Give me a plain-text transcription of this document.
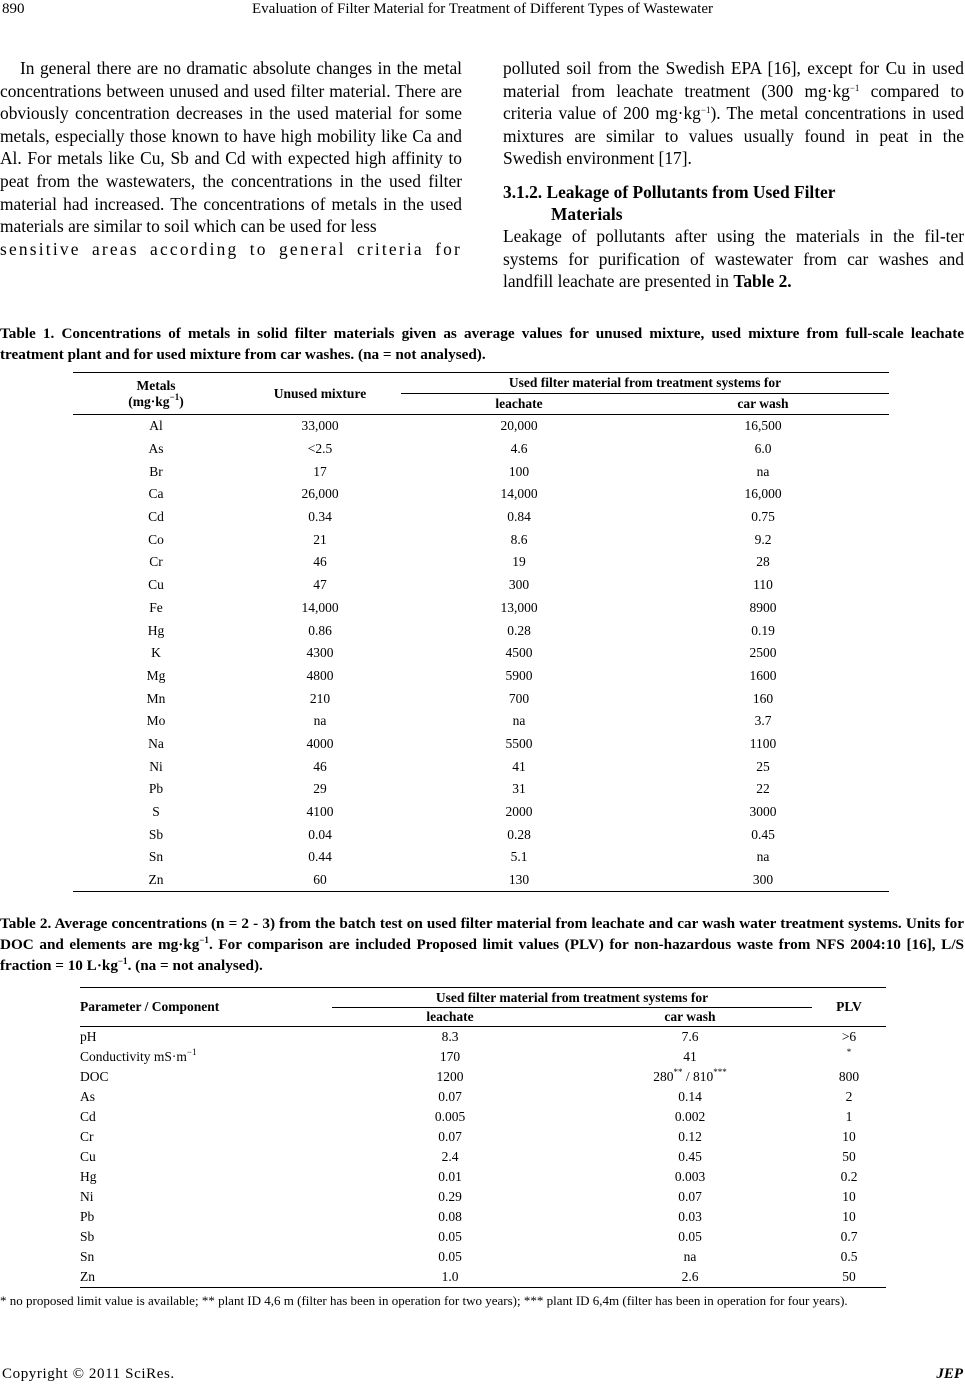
890	Evaluation of Filter Material for Treatment of Different Types of Wastewater

In general there are no dramatic absolute changes in the metal concentrations between unused and used filter material. There are obviously concentration decreases in the used material for some metals, especially those known to have high mobility like Ca and Al. For metals like Cu, Sb and Cd with expected high affinity to peat from the wastewaters, the concentrations in the used filter material had increased. The concentrations of metals in the used materials are similar to soil which can be used for less

sensitive areas according to general criteria for

polluted soil from the Swedish EPA [16], except for Cu in used material from leachate treatment (300 $mg\cdot kg^{-1}$ compared to criteria value of 200 $mg\cdot kg^{-1}$). The metal concentrations in used mixtures are similar to values usually found in peat in the Swedish environment [17].

3.1.2. Leakage of Pollutants from Used Filter
Materials

Leakage of pollutants after using the materials in the fil-ter systems for purification of wastewater from car washes and landfill leachate are presented in Table 2.

Table 1. Concentrations of metals in solid filter materials given as average values for unused mixture, used mixture from full-scale leachate treatment plant and for used mixture from car washes. (na = not analysed).
Metals
$(mg\cdot kg^{-1})$	Unused mixture	Used filter material from treatment systems for	
		leachate	car wash
Al	33,000	20,000	16,500
As	<2.5	4.6	6.0
Br	17	100	na
Ca	26,000	14,000	16,000
Cd	0.34	0.84	0.75
Co	21	8.6	9.2
Cr	46	19	28
Cu	47	300	110
Fe	14,000	13,000	8900
Hg	0.86	0.28	0.19
K	4300	4500	2500
Mg	4800	5900	1600
Mn	210	700	160
Mo	na	na	3.7
Na	4000	5500	1100
Ni	46	41	25
Pb	29	31	22
S	4100	2000	3000
Sb	0.04	0.28	0.45
Sn	0.44	5.1	na
Zn	60	130	300
Table 2. Average concentrations (n = 2 - 3) from the batch test on used filter material from leachate and car wash water treatment systems. Units for DOC and elements are $mg\cdot kg^{-1}$. For comparison are included Proposed limit values (PLV) for non-hazardous waste from NFS 2004:10 [16], L/S fraction = 10 $L\cdot kg^{-1}$. (na = not analysed).
Parameter / Component	Used filter material from treatment systems for		PLV
	leachate	car wash	
pH	8.3	7.6	>6
Conductivity $mS\cdot m^{-1}$	170	41	*
DOC	1200	280** / 810***	800
As	0.07	0.14	2
Cd	0.005	0.002	1
Cr	0.07	0.12	10
Cu	2.4	0.45	50
Hg	0.01	0.003	0.2
Ni	0.29	0.07	10
Pb	0.08	0.03	10
Sb	0.05	0.05	0.7
Sn	0.05	na	0.5
Zn	1.0	2.6	50
* no proposed limit value is available; ** plant ID 4,6 m (filter has been in operation for two years); *** plant ID 6,4m (filter has been in operation for four years).
Copyright © 2011 SciRes.	JEP
